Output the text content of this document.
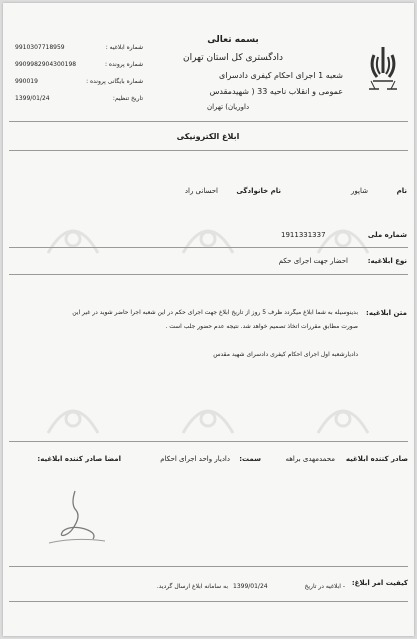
بسمه تعالی
دادگستری کل استان تهران
شعبه 1 اجرای احکام کیفری دادسرای
عمومی و انقلاب ناحیه 33 ( شهیدمقدس
داوریان) تهران
شماره ابلاغیه :
9910307718959
شماره پرونده :
9909982904300198
شماره بایگانی پرونده :
990019
تاریخ تنظیم:
1399/01/24
ابلاغ الکترونیکی
نام
شاپور
نام خانوادگی
احسانی راد
شماره ملی
1911331337
نوع ابلاغیه:
احضار جهت اجرای حکم
متن ابلاغیه:
بدینوسیله به شما ابلاغ میگردد ظرف 5 روز از تاریخ ابلاغ جهت اجرای حکم در این شعبه اجرا حاضر شوید در غیر این
صورت مطابق مقررات اتخاذ تصمیم خواهد شد. نتیجه عدم حضور جلب است .
دادیارشعبه اول اجرای احکام کیفری دادسرای شهید مقدس
صادر کننده ابلاغیه
محمدمهدی براهه
سمت:
دادیار واحد اجرای احکام
امضا صادر کننده ابلاغیه:
کیفیت امر ابلاغ:
- ابلاغیه در تاریخ
1399/01/24
به سامانه ابلاغ ارسال گردید.
